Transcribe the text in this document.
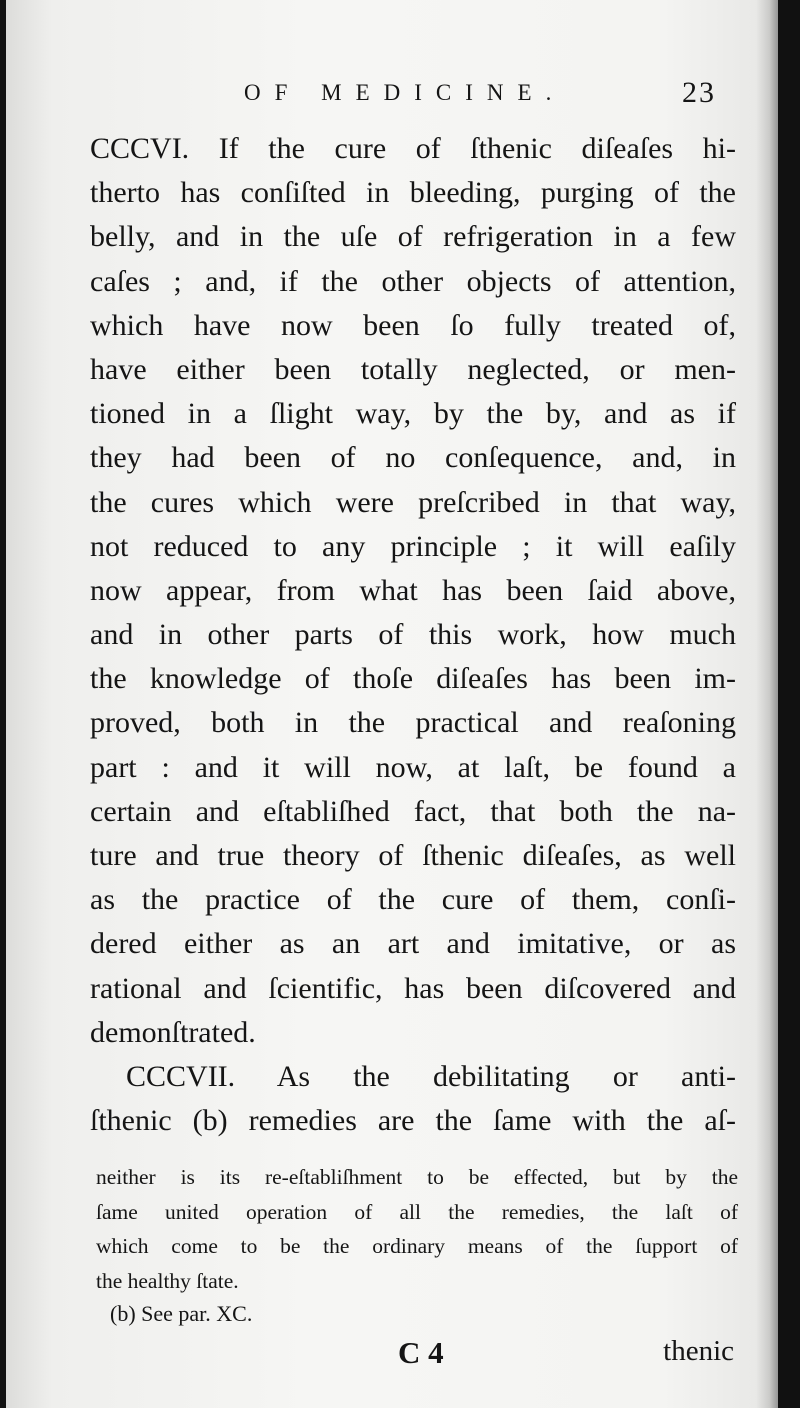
OF MEDICINE.	23
CCCVI. If the cure of ſthenic diſeaſes hi-
therto has conſiſted in bleeding, purging of the
belly, and in the uſe of refrigeration in a few
caſes ; and, if the other objects of attention,
which have now been ſo fully treated of,
have either been totally neglected, or men-
tioned in a ſlight way, by the by, and as if
they had been of no conſequence, and, in
the cures which were preſcribed in that way,
not reduced to any principle ; it will eaſily
now appear, from what has been ſaid above,
and in other parts of this work, how much
the knowledge of thoſe diſeaſes has been im-
proved, both in the practical and reaſoning
part : and it will now, at laſt, be found a
certain and eſtabliſhed fact, that both the na-
ture and true theory of ſthenic diſeaſes, as well
as the practice of the cure of them, conſi-
dered either as an art and imitative, or as
rational and ſcientific, has been diſcovered and
demonſtrated.
CCCVII. As the debilitating or anti-
ſthenic (b) remedies are the ſame with the aſ-
neither is its re-eſtabliſhment to be effected, but by the
ſame united operation of all the remedies, the laſt of
which come to be the ordinary means of the ſupport of
the healthy ſtate.
(b) See par. XC.
C 4	thenic
